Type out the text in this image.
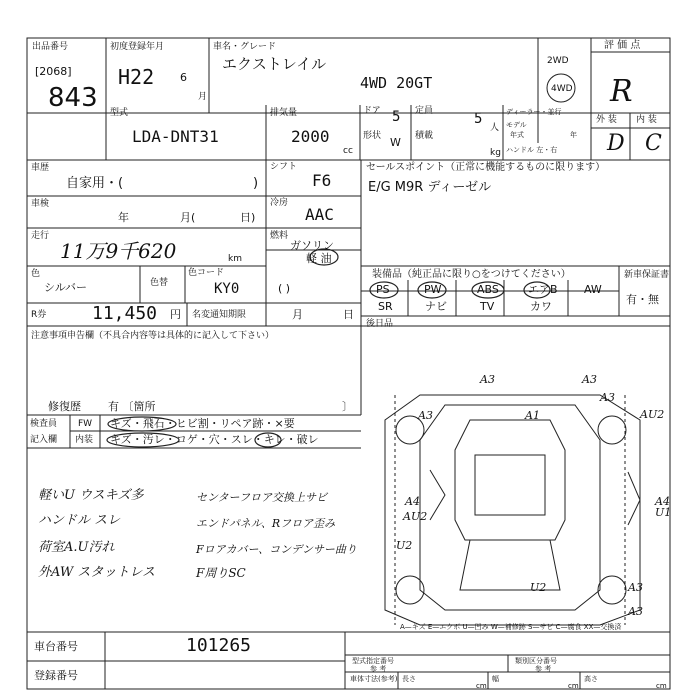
出品番号
[2068]
843
初度登録年月
H22 6
月
車名・グレード
エクストレイル
4WD 20GT
2WD
4WD
評 価 点
R
外 装 内 装
D C
型式
LDA-DNT31
排気量
2000
cc
ドア 5
形状 W
定員	5
人
積載
kg
ディーラー・並行
モデル
年式	年
ハンドル 左・右
車歴
自家用・(	)
シフト
F6
車検
年	月(	日)
冷房
AAC
走行
11万9千620	km
燃料
ガソリン
軽 油
( )
色
シルバー	色替
色コード
KY0
R券	11,450 円 名変通知期限	月	日
セールスポイント（正常に機能するものに限ります）
E/G M9R ディーゼル
装備品（純正品に限り○をつけてください）
PS	PW	ABS	エアB AW
SR	ナビ	TV	カワ
新車保証書
有・無
後日品
注意事項申告欄（不具合内容等は具体的に記入して下さい）
修復歴 有 〔箇所	〕
検査員
記入欄
FW
内装
キズ・飛石・ヒビ割・リペア跡・×要
キズ・汚レ・コゲ・穴・スレ・キレ・破レ
軽いU ウスキズ多
ハンドル スレ
荷室A.U汚れ
外AW スタットレス
センターフロア交換上サビ
エンドパネル、Rフロア歪み
Fロアカバー、コンデンサー曲り
F周りSC
A3	A3
A3	A1	AU2
A3
A4
AU2
A4
U1
U2
U2	A3
A3
A—キズ E—エクボ U—凹み W—補修跡 S—サビ C—腐食 XX—交換済
車台番号	101265
登録番号
型式指定番号
参 考
類別区分番号
参 考
車体寸法(参考) 長さ
cm
幅
cm
高さ
cm
